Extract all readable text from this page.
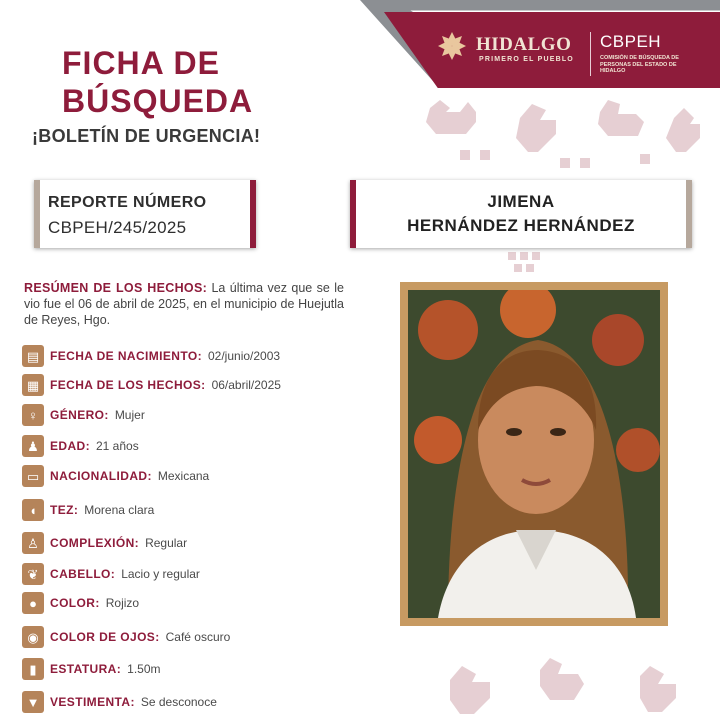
HIDALGO
PRIMERO EL PUEBLO
CBPEH
COMISIÓN DE BÚSQUEDA DE PERSONAS DEL ESTADO DE HIDALGO
FICHA DE
BÚSQUEDA
¡BOLETÍN DE URGENCIA!
REPORTE NÚMERO
CBPEH/245/2025
JIMENA
HERNÁNDEZ HERNÁNDEZ
RESÚMEN DE LOS HECHOS: La última vez que se le vio fue el 06 de abril de 2025, en el municipio de Huejutla de Reyes, Hgo.
▤ FECHA DE NACIMIENTO: 02/junio/2003
▦ FECHA DE LOS HECHOS: 06/abril/2025
♀ GÉNERO: Mujer
♟ EDAD: 21 años
▭ NACIONALIDAD: Mexicana
◖ TEZ: Morena clara
♙ COMPLEXIÓN: Regular
❦ CABELLO: Lacio y regular
● COLOR: Rojizo
◉ COLOR DE OJOS: Café oscuro
▮ ESTATURA: 1.50m
▼ VESTIMENTA: Se desconoce
